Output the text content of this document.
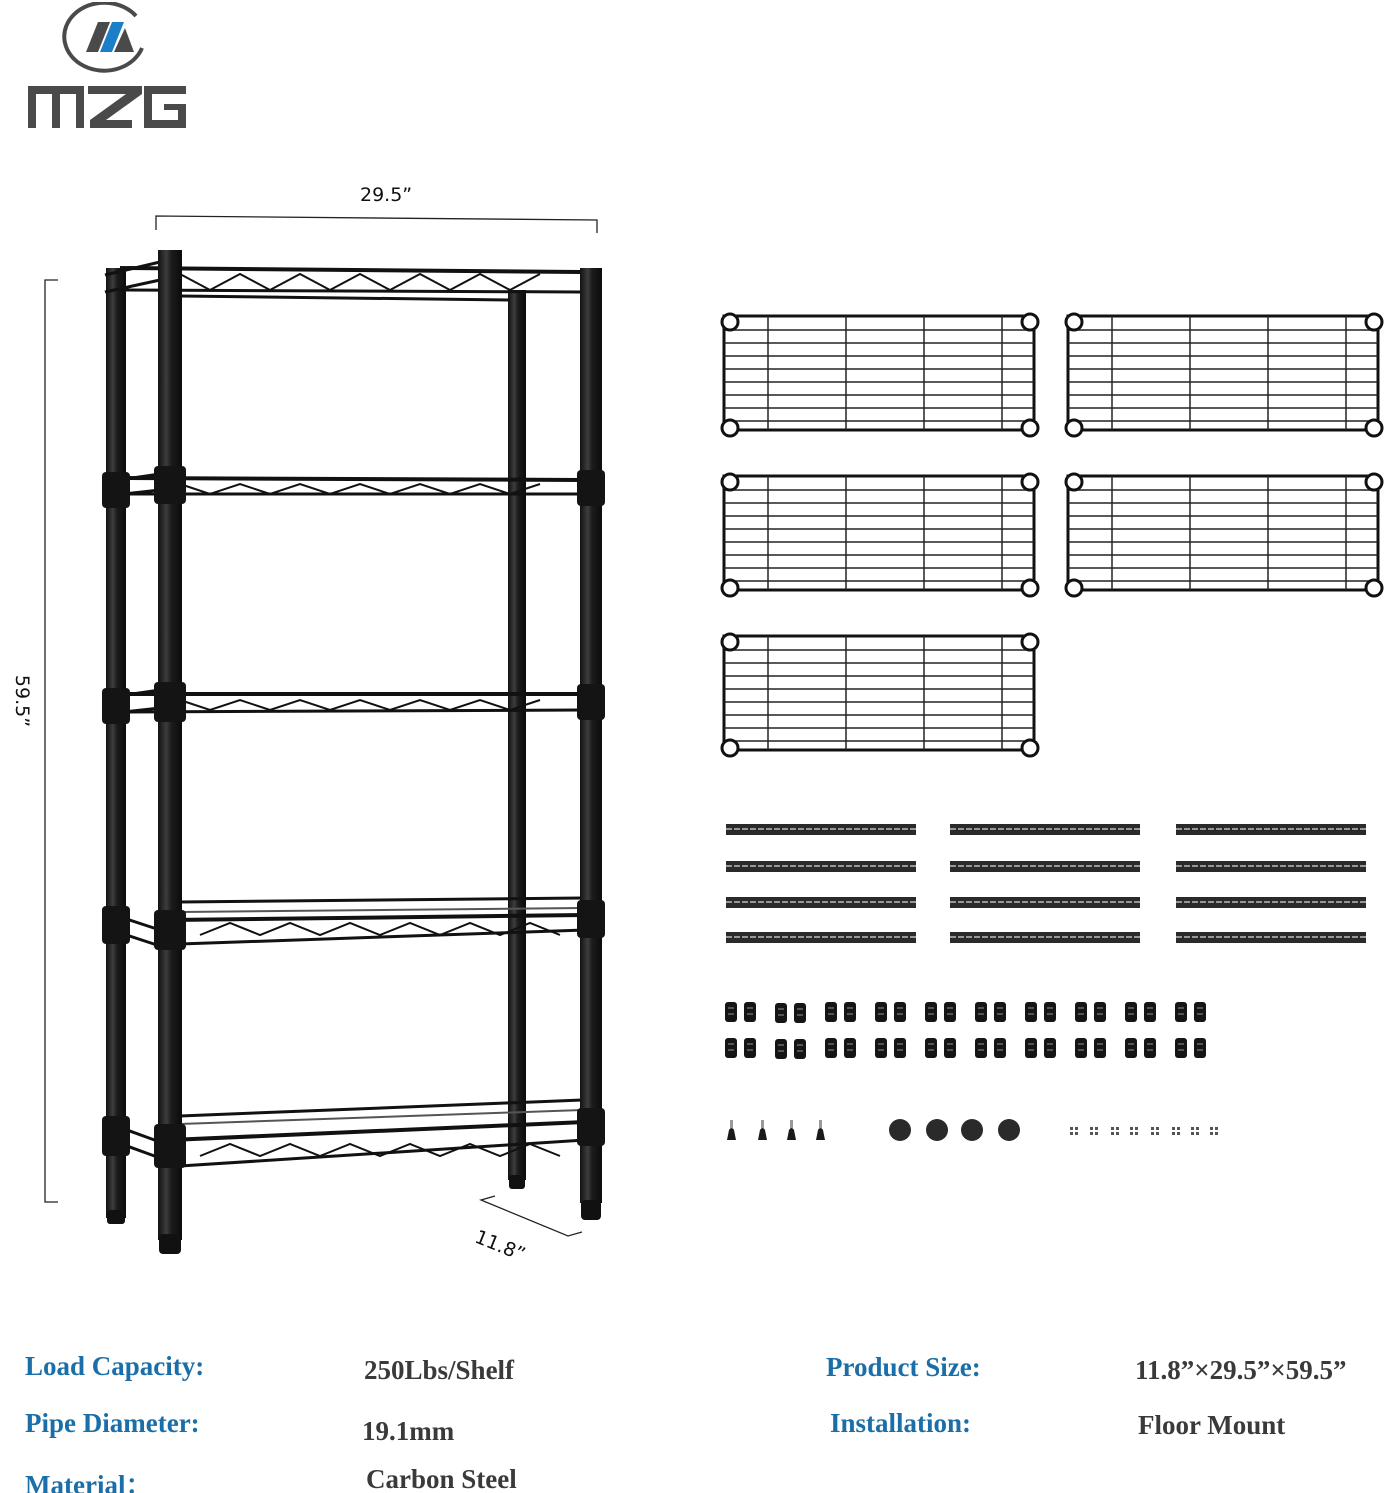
29.5”
59.5”
11.8”
Load Capacity:	250Lbs/Shelf
Pipe Diameter:	19.1mm
Material：	Carbon Steel
Product Size:	11.8”×29.5”×59.5”
Installation:	Floor Mount
